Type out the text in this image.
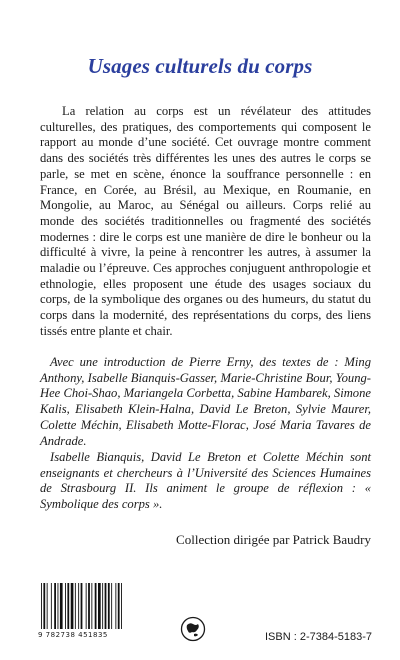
Usages culturels du corps

La relation au corps est un révélateur des attitudes culturelles, des pratiques, des comportements qui composent le rapport au monde d’une société. Cet ouvrage montre comment dans des sociétés très différentes les unes des autres le corps se parle, se met en scène, énonce la souffrance personnelle : en France, en Corée, au Brésil, au Mexique, en Roumanie, en Mongolie, au Maroc, au Sénégal ou ailleurs. Corps relié au monde des sociétés traditionnelles ou fragmenté des sociétés modernes : dire le corps est une manière de dire le bonheur ou la difficulté à vivre, la peine à rencontrer les autres, à assumer la maladie ou l’épreuve. Ces approches conjuguent anthropologie et ethnologie, elles proposent une étude des usages sociaux du corps, de la symbolique des organes ou des humeurs, du statut du corps dans la modernité, des représentations du corps, des liens tissés entre plante et chair.

Avec une introduction de Pierre Erny, des textes de : Ming Anthony, Isabelle Bianquis-Gasser, Marie-Christine Bour, Young-Hee Choi-Shao, Mariangela Corbetta, Sabine Hambarek, Simone Kalis, Elisabeth Klein-Halna, David Le Breton, Sylvie Maurer, Colette Méchin, Elisabeth Motte-Florac, José Maria Tavares de Andrade.

Isabelle Bianquis, David Le Breton et Colette Méchin sont enseignants et chercheurs à l’Université des Sciences Humaines de Strasbourg II. Ils animent le groupe de réflexion : « Symbolique des corps ».

Collection dirigée par Patrick Baudry
9 782738 451835	ISBN : 2-7384-5183-7
